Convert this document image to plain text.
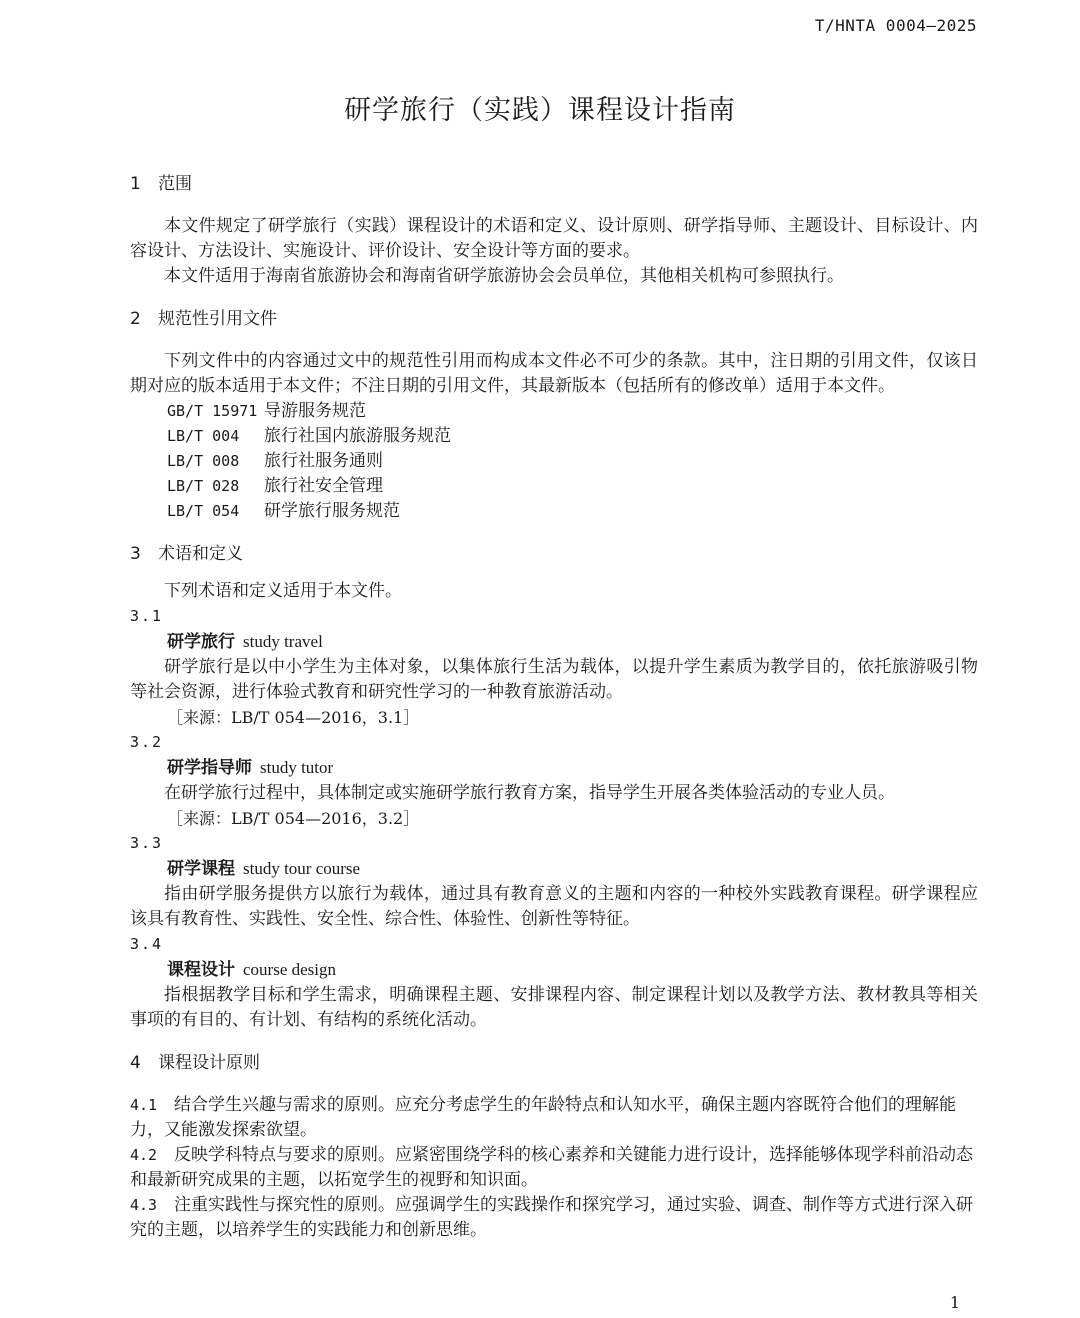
T/HNTA 0004—2025
研学旅行（实践）课程设计指南
1 范围
本文件规定了研学旅行（实践）课程设计的术语和定义、设计原则、研学指导师、主题设计、目标设计、内容设计、方法设计、实施设计、评价设计、安全设计等方面的要求。
本文件适用于海南省旅游协会和海南省研学旅游协会会员单位，其他相关机构可参照执行。
2 规范性引用文件
下列文件中的内容通过文中的规范性引用而构成本文件必不可少的条款。其中，注日期的引用文件，仅该日期对应的版本适用于本文件；不注日期的引用文件，其最新版本（包括所有的修改单）适用于本文件。
GB/T 15971 导游服务规范
LB/T 004 旅行社国内旅游服务规范
LB/T 008 旅行社服务通则
LB/T 028 旅行社安全管理
LB/T 054 研学旅行服务规范
3 术语和定义
下列术语和定义适用于本文件。
3.1
研学旅行 study travel
研学旅行是以中小学生为主体对象，以集体旅行生活为载体，以提升学生素质为教学目的，依托旅游吸引物等社会资源，进行体验式教育和研究性学习的一种教育旅游活动。
［来源：LB/T 054—2016，3.1］
3.2
研学指导师 study tutor
在研学旅行过程中，具体制定或实施研学旅行教育方案，指导学生开展各类体验活动的专业人员。
［来源：LB/T 054—2016，3.2］
3.3
研学课程 study tour course
指由研学服务提供方以旅行为载体，通过具有教育意义的主题和内容的一种校外实践教育课程。研学课程应该具有教育性、实践性、安全性、综合性、体验性、创新性等特征。
3.4
课程设计 course design
指根据教学目标和学生需求，明确课程主题、安排课程内容、制定课程计划以及教学方法、教材教具等相关事项的有目的、有计划、有结构的系统化活动。
4 课程设计原则
4.1 结合学生兴趣与需求的原则。应充分考虑学生的年龄特点和认知水平，确保主题内容既符合他们的理解能力，又能激发探索欲望。
4.2 反映学科特点与要求的原则。应紧密围绕学科的核心素养和关键能力进行设计，选择能够体现学科前沿动态和最新研究成果的主题，以拓宽学生的视野和知识面。
4.3 注重实践性与探究性的原则。应强调学生的实践操作和探究学习，通过实验、调查、制作等方式进行深入研究的主题，以培养学生的实践能力和创新思维。
1
